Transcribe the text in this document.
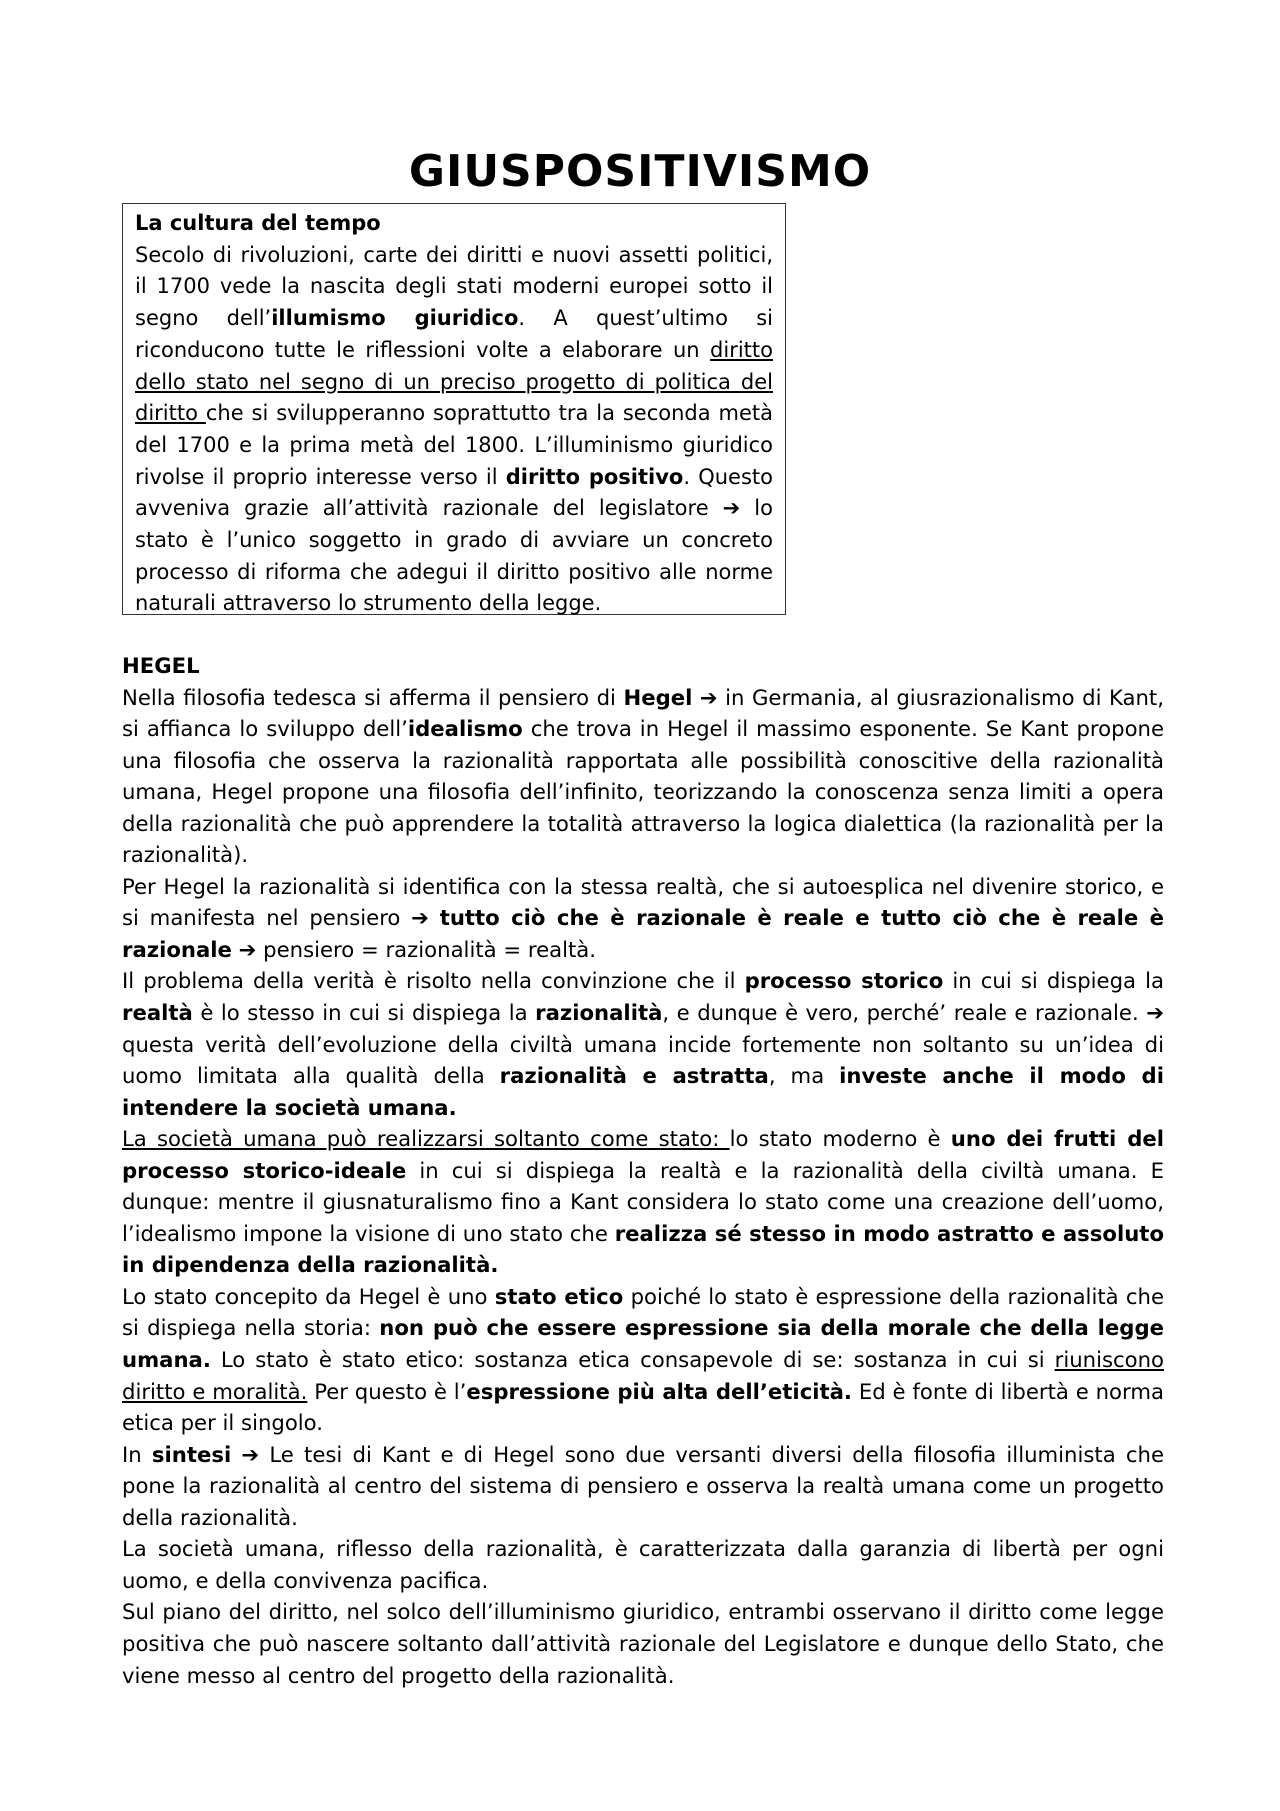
GIUSPOSITIVISMO
La cultura del tempo
Secolo di rivoluzioni, carte dei diritti e nuovi assetti politici, il 1700 vede la nascita degli stati moderni europei sotto il segno dell’illumismo giuridico. A quest’ultimo si riconducono tutte le riflessioni volte a elaborare un diritto dello stato nel segno di un preciso progetto di politica del diritto che si svilupperanno soprattutto tra la seconda metà del 1700 e la prima metà del 1800. L’illuminismo giuridico rivolse il proprio interesse verso il diritto positivo. Questo avveniva grazie all’attività razionale del legislatore ➔ lo stato è l’unico soggetto in grado di avviare un concreto processo di riforma che adegui il diritto positivo alle norme naturali attraverso lo strumento della legge.
HEGEL

Nella filosofia tedesca si afferma il pensiero di Hegel ➔ in Germania, al giusrazionalismo di Kant, si affianca lo sviluppo dell’idealismo che trova in Hegel il massimo esponente. Se Kant propone una filosofia che osserva la razionalità rapportata alle possibilità conoscitive della razionalità umana, Hegel propone una filosofia dell’infinito, teorizzando la conoscenza senza limiti a opera della razionalità che può apprendere la totalità attraverso la logica dialettica (la razionalità per la razionalità).

Per Hegel la razionalità si identifica con la stessa realtà, che si autoesplica nel divenire storico, e si manifesta nel pensiero ➔ tutto ciò che è razionale è reale e tutto ciò che è reale è razionale ➔ pensiero = razionalità = realtà.

Il problema della verità è risolto nella convinzione che il processo storico in cui si dispiega la realtà è lo stesso in cui si dispiega la razionalità, e dunque è vero, perché’ reale e razionale. ➔ questa verità dell’evoluzione della civiltà umana incide fortemente non soltanto su un’idea di uomo limitata alla qualità della razionalità e astratta, ma investe anche il modo di intendere la società umana.

La società umana può realizzarsi soltanto come stato: lo stato moderno è uno dei frutti del processo storico-ideale in cui si dispiega la realtà e la razionalità della civiltà umana. E dunque: mentre il giusnaturalismo fino a Kant considera lo stato come una creazione dell’uomo, l’idealismo impone la visione di uno stato che realizza sé stesso in modo astratto e assoluto in dipendenza della razionalità.

Lo stato concepito da Hegel è uno stato etico poiché lo stato è espressione della razionalità che si dispiega nella storia: non può che essere espressione sia della morale che della legge umana. Lo stato è stato etico: sostanza etica consapevole di se: sostanza in cui si riuniscono diritto e moralità. Per questo è l’espressione più alta dell’eticità. Ed è fonte di libertà e norma etica per il singolo.

In sintesi ➔ Le tesi di Kant e di Hegel sono due versanti diversi della filosofia illuminista che pone la razionalità al centro del sistema di pensiero e osserva la realtà umana come un progetto della razionalità.

La società umana, riflesso della razionalità, è caratterizzata dalla garanzia di libertà per ogni uomo, e della convivenza pacifica.

Sul piano del diritto, nel solco dell’illuminismo giuridico, entrambi osservano il diritto come legge positiva che può nascere soltanto dall’attività razionale del Legislatore e dunque dello Stato, che viene messo al centro del progetto della razionalità.
